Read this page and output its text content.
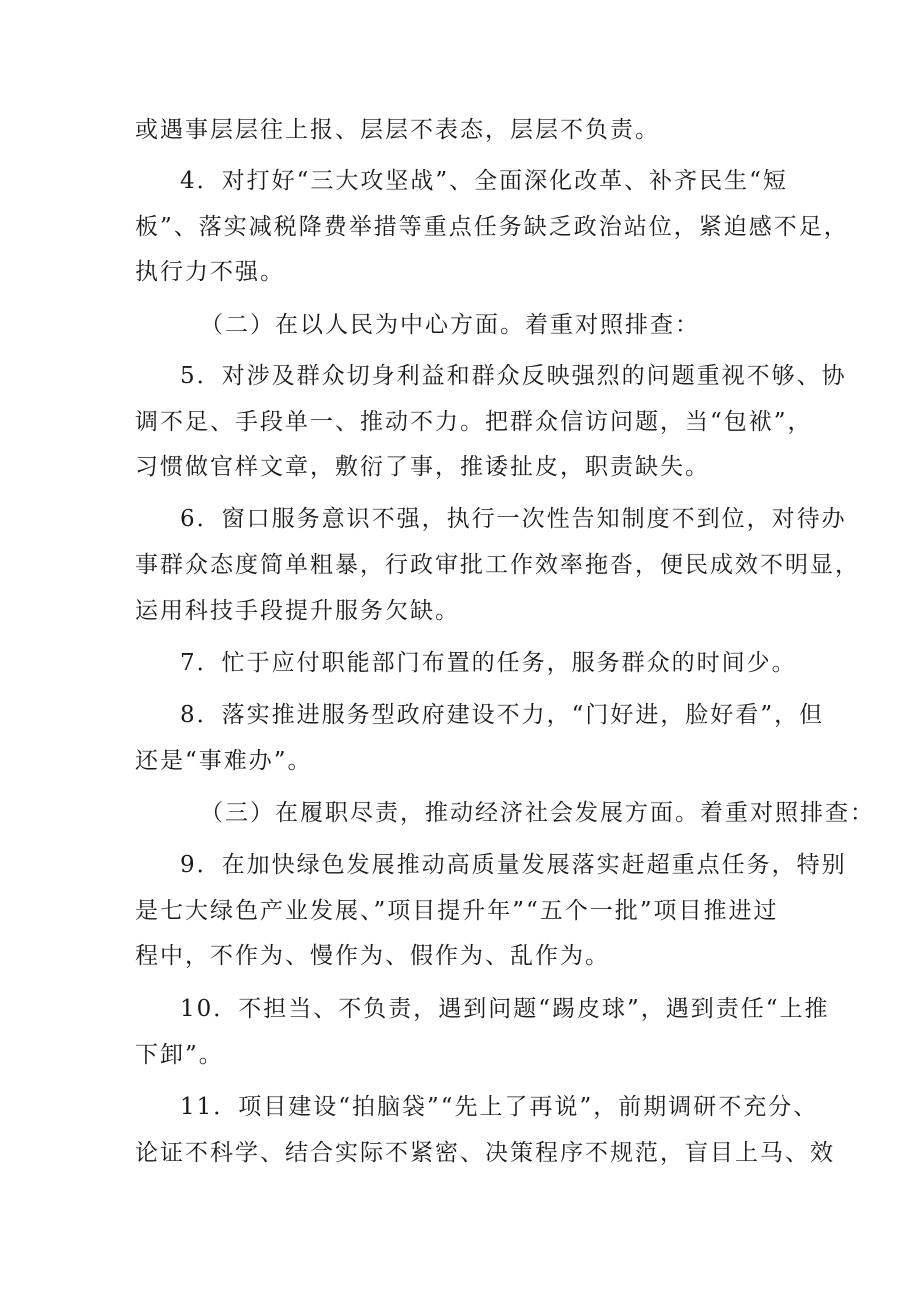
或遇事层层往上报、层层不表态，层层不负责。
4．对打好“三大攻坚战”、全面深化改革、补齐民生“短
板”、落实减税降费举措等重点任务缺乏政治站位，紧迫感不足，
执行力不强。
（二）在以人民为中心方面。着重对照排查：
5．对涉及群众切身利益和群众反映强烈的问题重视不够、协
调不足、手段单一、推动不力。把群众信访问题，当“包袱”，
习惯做官样文章，敷衍了事，推诿扯皮，职责缺失。
6．窗口服务意识不强，执行一次性告知制度不到位，对待办
事群众态度简单粗暴，行政审批工作效率拖沓，便民成效不明显，
运用科技手段提升服务欠缺。
7．忙于应付职能部门布置的任务，服务群众的时间少。
8．落实推进服务型政府建设不力，“门好进，脸好看”，但
还是“事难办”。
（三）在履职尽责，推动经济社会发展方面。着重对照排查：
9．在加快绿色发展推动高质量发展落实赶超重点任务，特别
是七大绿色产业发展、”项目提升年”“五个一批”项目推进过
程中，不作为、慢作为、假作为、乱作为。
10．不担当、不负责，遇到问题“踢皮球”，遇到责任“上推
下卸”。
11．项目建设“拍脑袋”“先上了再说”，前期调研不充分、
论证不科学、结合实际不紧密、决策程序不规范，盲目上马、效
